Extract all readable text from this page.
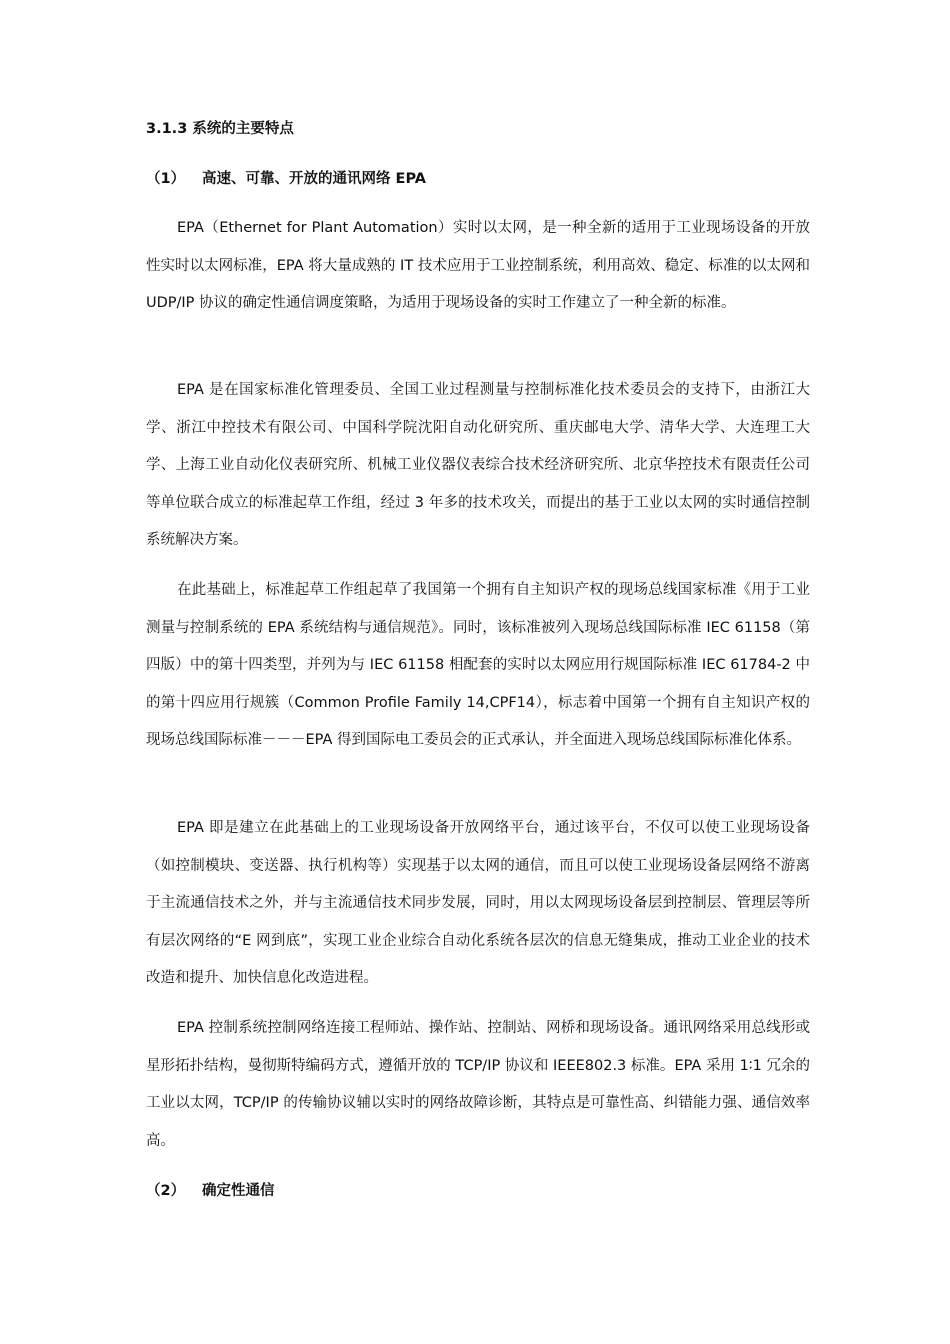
3.1.3 系统的主要特点
（1） 高速、可靠、开放的通讯网络 EPA

EPA（Ethernet for Plant Automation）实时以太网，是一种全新的适用于工业现场设备的开放性实时以太网标准，EPA 将大量成熟的 IT 技术应用于工业控制系统，利用高效、稳定、标准的以太网和 UDP/IP 协议的确定性通信调度策略，为适用于现场设备的实时工作建立了一种全新的标准。

EPA 是在国家标准化管理委员、全国工业过程测量与控制标准化技术委员会的支持下，由浙江大学、浙江中控技术有限公司、中国科学院沈阳自动化研究所、重庆邮电大学、清华大学、大连理工大学、上海工业自动化仪表研究所、机械工业仪器仪表综合技术经济研究所、北京华控技术有限责任公司等单位联合成立的标准起草工作组，经过 3 年多的技术攻关，而提出的基于工业以太网的实时通信控制系统解决方案。

在此基础上，标准起草工作组起草了我国第一个拥有自主知识产权的现场总线国家标准《用于工业测量与控制系统的 EPA 系统结构与通信规范》。同时，该标准被列入现场总线国际标准 IEC 61158（第四版）中的第十四类型，并列为与 IEC 61158 相配套的实时以太网应用行规国际标准 IEC 61784-2 中的第十四应用行规簇（Common Profile Family 14,CPF14），标志着中国第一个拥有自主知识产权的现场总线国际标准－－－EPA 得到国际电工委员会的正式承认，并全面进入现场总线国际标准化体系。

EPA 即是建立在此基础上的工业现场设备开放网络平台，通过该平台，不仅可以使工业现场设备（如控制模块、变送器、执行机构等）实现基于以太网的通信，而且可以使工业现场设备层网络不游离于主流通信技术之外，并与主流通信技术同步发展，同时，用以太网现场设备层到控制层、管理层等所有层次网络的“E 网到底”，实现工业企业综合自动化系统各层次的信息无缝集成，推动工业企业的技术改造和提升、加快信息化改造进程。

EPA 控制系统控制网络连接工程师站、操作站、控制站、网桥和现场设备。通讯网络采用总线形或星形拓扑结构，曼彻斯特编码方式，遵循开放的 TCP/IP 协议和 IEEE802.3 标准。EPA 采用 1∶1 冗余的工业以太网，TCP/IP 的传输协议辅以实时的网络故障诊断，其特点是可靠性高、纠错能力强、通信效率高。

（2） 确定性通信
